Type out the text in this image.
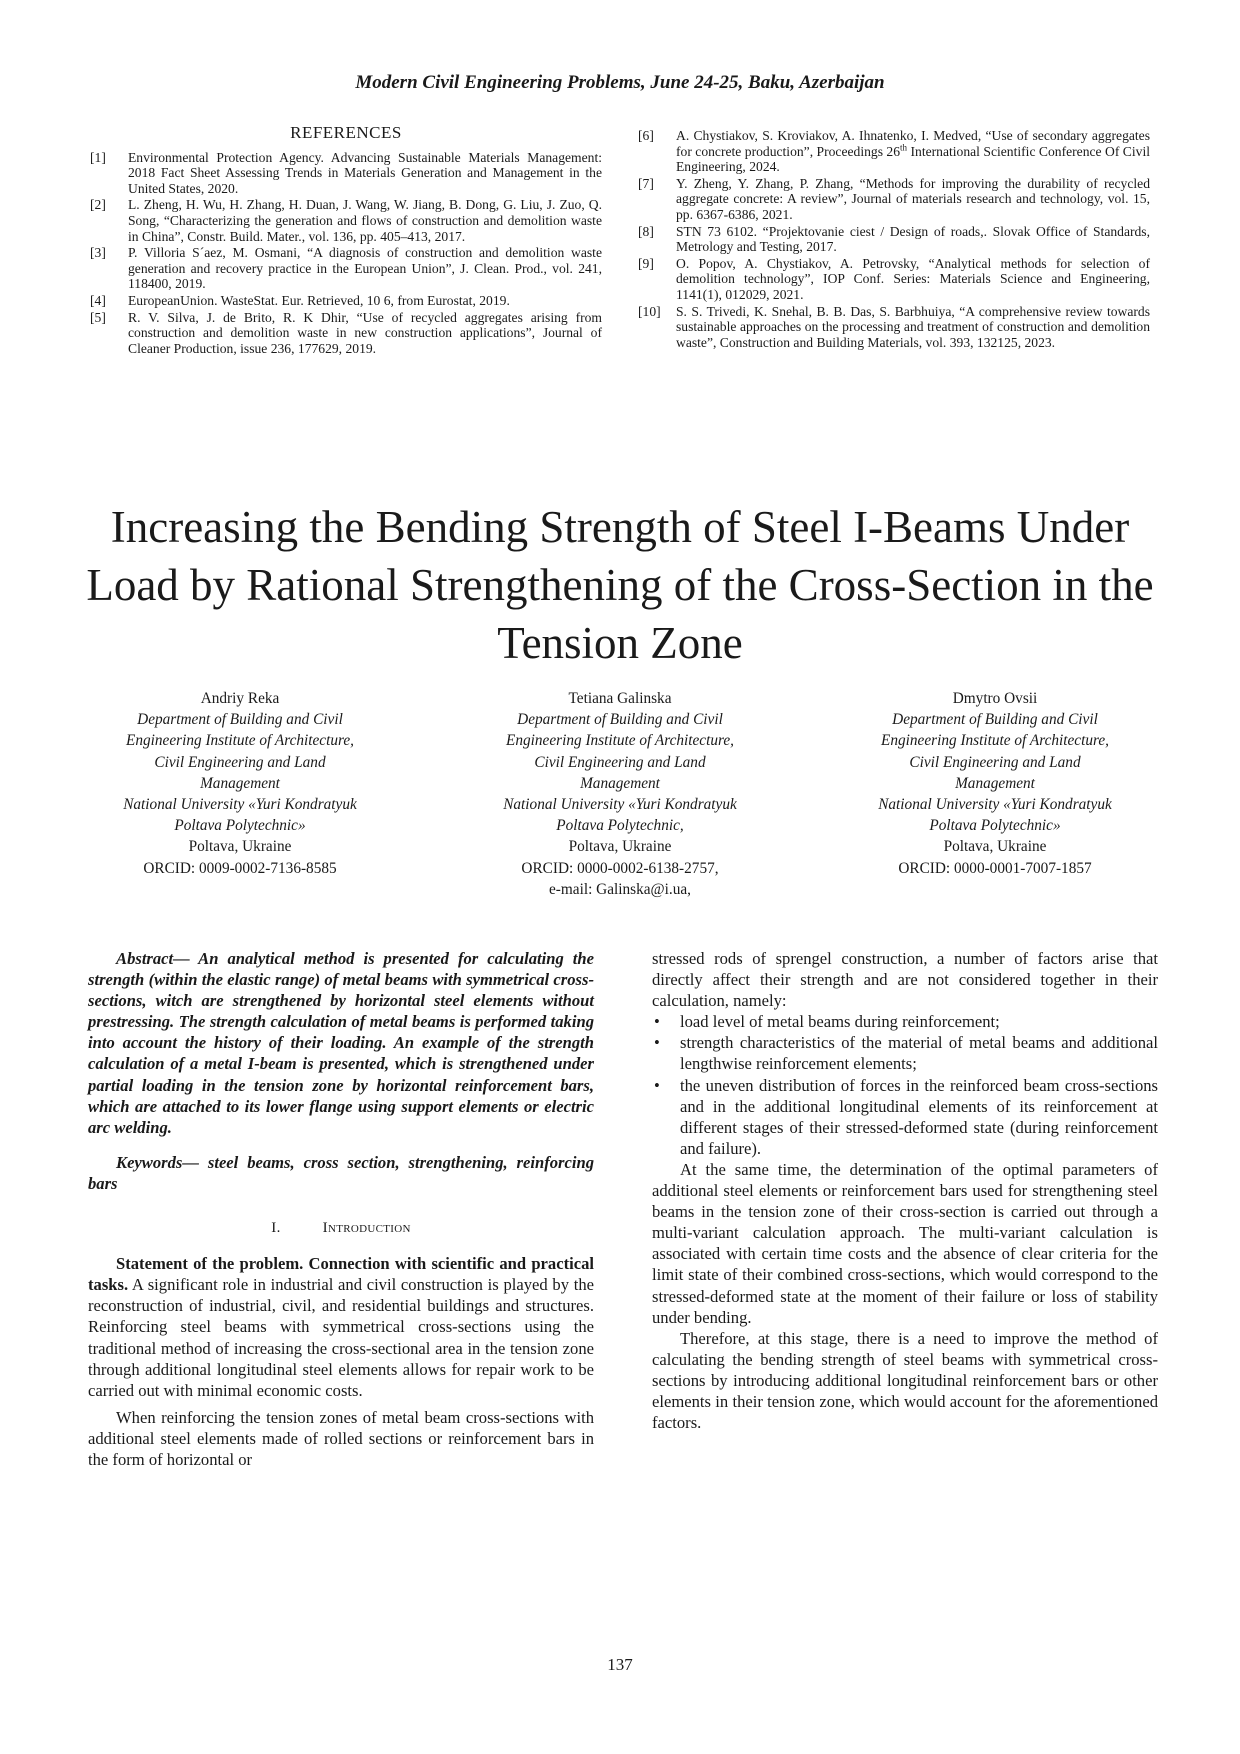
Modern Civil Engineering Problems, June 24-25, Baku, Azerbaijan
REFERENCES
[1]	Environmental Protection Agency. Advancing Sustainable Materials Management: 2018 Fact Sheet Assessing Trends in Materials Generation and Management in the United States, 2020.
[2]	L. Zheng, H. Wu, H. Zhang, H. Duan, J. Wang, W. Jiang, B. Dong, G. Liu, J. Zuo, Q. Song, “Characterizing the generation and flows of construction and demolition waste in China”, Constr. Build. Mater., vol. 136, pp. 405–413, 2017.
[3]	P. Villoria S´aez, M. Osmani, “A diagnosis of construction and demolition waste generation and recovery practice in the European Union”, J. Clean. Prod., vol. 241, 118400, 2019.
[4]	EuropeanUnion. WasteStat. Eur. Retrieved, 10 6, from Eurostat, 2019.
[5]	R. V. Silva, J. de Brito, R. K Dhir, “Use of recycled aggregates arising from construction and demolition waste in new construction applications”, Journal of Cleaner Production, issue 236, 177629, 2019.
[6]	A. Chystiakov, S. Kroviakov, A. Ihnatenko, I. Medved, “Use of secondary aggregates for concrete production”, Proceedings 26th International Scientific Conference Of Civil Engineering, 2024.
[7]	Y. Zheng, Y. Zhang, P. Zhang, “Methods for improving the durability of recycled aggregate concrete: A review”, Journal of materials research and technology, vol. 15, pp. 6367-6386, 2021.
[8]	STN 73 6102. “Projektovanie ciest / Design of roads,. Slovak Office of Standards, Metrology and Testing, 2017.
[9]	O. Popov, A. Chystiakov, A. Petrovsky, “Analytical methods for selection of demolition technology”, IOP Conf. Series: Materials Science and Engineering, 1141(1), 012029, 2021.
[10]	S. S. Trivedi, K. Snehal, B. B. Das, S. Barbhuiya, “A comprehensive review towards sustainable approaches on the processing and treatment of construction and demolition waste”, Construction and Building Materials, vol. 393, 132125, 2023.
Increasing the Bending Strength of Steel I-Beams Under Load by Rational Strengthening of the Cross-Section in the Tension Zone
Andriy Reka
Department of Building and Civil
Engineering Institute of Architecture,
Civil Engineering and Land
Management
National University «Yuri Kondratyuk
Poltava Polytechnic»
Poltava, Ukraine
ORCID: 0009-0002-7136-8585
Tetiana Galinska
Department of Building and Civil
Engineering Institute of Architecture,
Civil Engineering and Land
Management
National University «Yuri Kondratyuk
Poltava Polytechnic,
Poltava, Ukraine
ORCID: 0000-0002-6138-2757,
e-mail: Galinska@i.ua,
Dmytro Ovsii
Department of Building and Civil
Engineering Institute of Architecture,
Civil Engineering and Land
Management
National University «Yuri Kondratyuk
Poltava Polytechnic»
Poltava, Ukraine
ORCID: 0000-0001-7007-1857

Abstract— An analytical method is presented for calculating the strength (within the elastic range) of metal beams with symmetrical cross-sections, witch are strengthened by horizontal steel elements without prestressing. The strength calculation of metal beams is performed taking into account the history of their loading. An example of the strength calculation of a metal I-beam is presented, which is strengthened under partial loading in the tension zone by horizontal reinforcement bars, which are attached to its lower flange using support elements or electric arc welding.

Keywords— steel beams, cross section, strengthening, reinforcing bars

I.	Introduction

Statement of the problem. Connection with scientific and practical tasks. A significant role in industrial and civil construction is played by the reconstruction of industrial, civil, and residential buildings and structures. Reinforcing steel beams with symmetrical cross-sections using the traditional method of increasing the cross-sectional area in the tension zone through additional longitudinal steel elements allows for repair work to be carried out with minimal economic costs.

When reinforcing the tension zones of metal beam cross-sections with additional steel elements made of rolled sections or reinforcement bars in the form of horizontal or

stressed rods of sprengel construction, a number of factors arise that directly affect their strength and are not considered together in their calculation, namely:

• load level of metal beams during reinforcement;
• strength characteristics of the material of metal beams and additional lengthwise reinforcement elements;
• the uneven distribution of forces in the reinforced beam cross-sections and in the additional longitudinal elements of its reinforcement at different stages of their stressed-deformed state (during reinforcement and failure).

At the same time, the determination of the optimal parameters of additional steel elements or reinforcement bars used for strengthening steel beams in the tension zone of their cross-section is carried out through a multi-variant calculation approach. The multi-variant calculation is associated with certain time costs and the absence of clear criteria for the limit state of their combined cross-sections, which would correspond to the stressed-deformed state at the moment of their failure or loss of stability under bending.

Therefore, at this stage, there is a need to improve the method of calculating the bending strength of steel beams with symmetrical cross-sections by introducing additional longitudinal reinforcement bars or other elements in their tension zone, which would account for the aforementioned factors.

137
